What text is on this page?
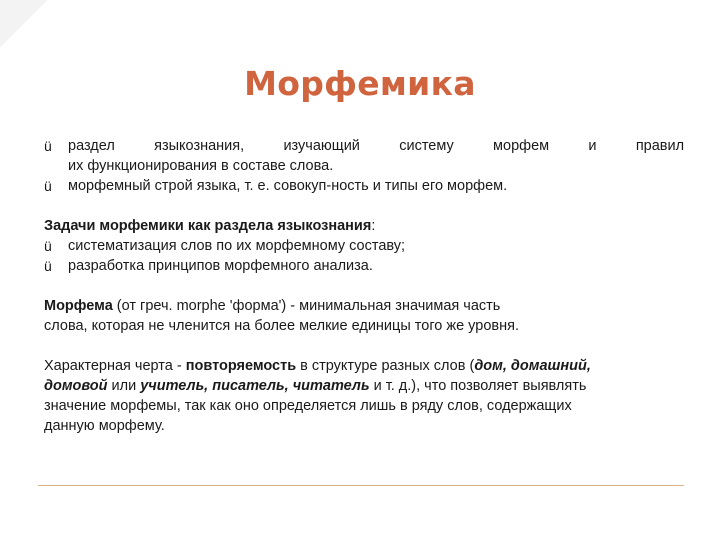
Морфемика
ü раздел	языкознания,	изучающий	систему	морфем	и	правил
их функционирования в составе слова.
ü морфемный строй языка, т. е. совокуп-ность и типы его морфем.

Задачи морфемики как раздела языкознания:

ü систематизация слов по их морфемному составу;
ü разработка принципов морфемного анализа.

Морфема (от греч. morphe 'форма') - минимальная значимая часть

слова, которая не членится на более мелкие единицы того же уровня.

Характерная черта - повторяемость в структуре разных слов (дом, домашний,

домовой или учитель, писатель, читатель и т. д.), что позволяет выявлять

значение морфемы, так как оно определяется лишь в ряду слов, содержащих

данную морфему.
